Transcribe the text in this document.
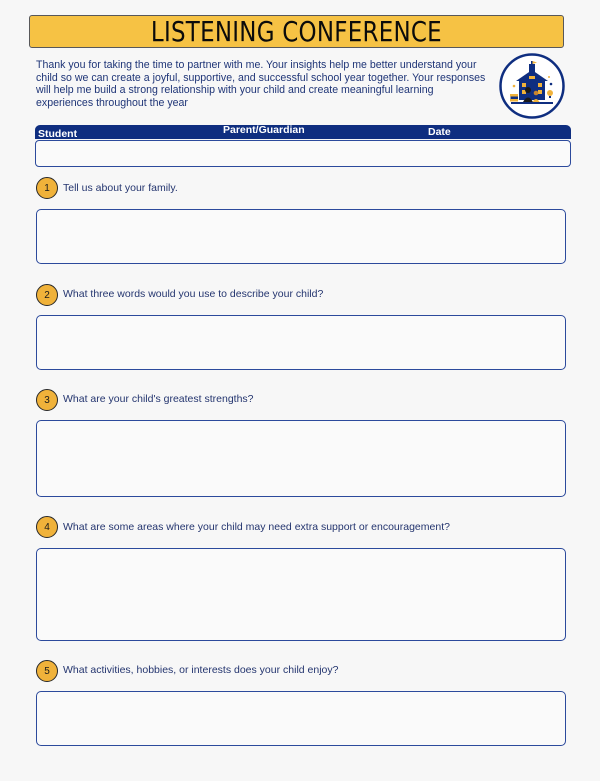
LISTENING CONFERENCE
Thank you for taking the time to partner with me. Your insights help me better understand your child so we can create a joyful, supportive, and successful school year together. Your responses will help me build a strong relationship with your child and create meaningful learning experiences throughout the year
Student	Parent/Guardian	Date
1	Tell us about your family.
2	What three words would you use to describe your child?
3	What are your child's greatest strengths?
4	What are some areas where your child may need extra support or encouragement?
5	What activities, hobbies, or interests does your child enjoy?
